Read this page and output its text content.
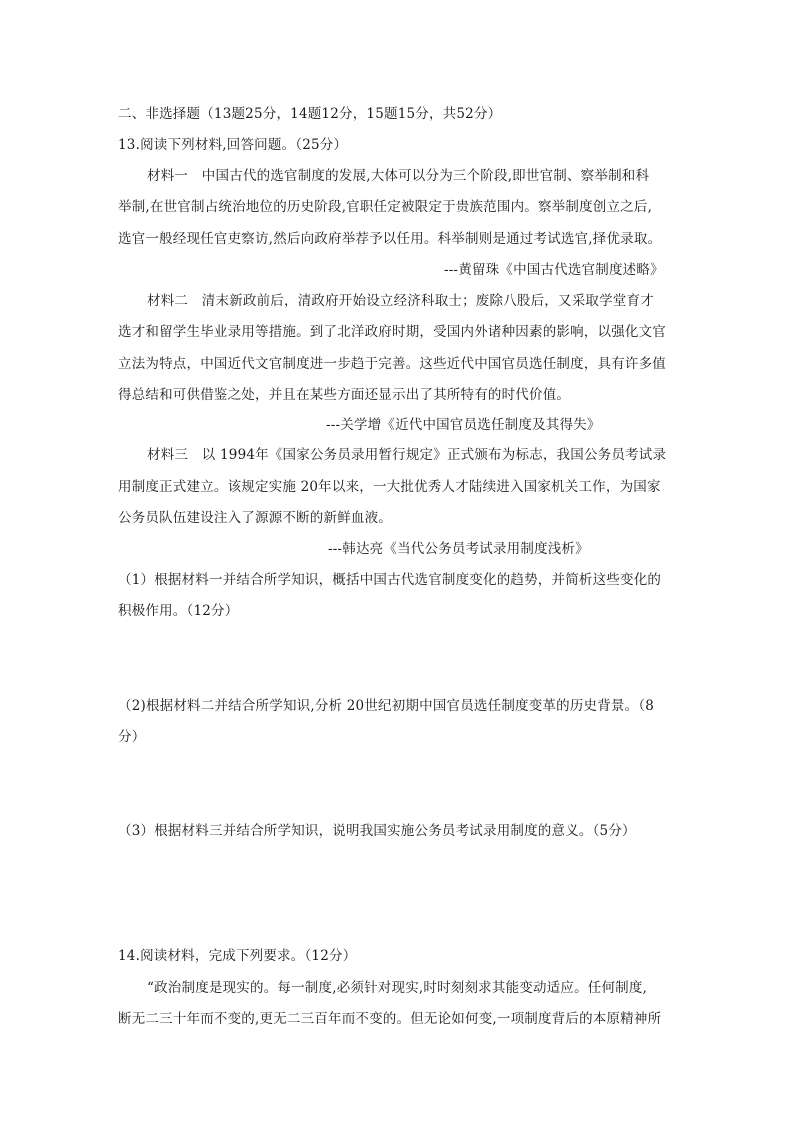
二、非选择题（13题25分，14题12分，15题15分，共52分）
13.阅读下列材料,回答问题。（25分）
材料一　中国古代的选官制度的发展,大体可以分为三个阶段,即世官制、察举制和科
举制,在世官制占统治地位的历史阶段,官职任定被限定于贵族范围内。察举制度创立之后,
选官一般经现任官吏察访,然后向政府举荐予以任用。科举制则是通过考试选官,择优录取。
---黄留珠《中国古代选官制度述略》
材料二　清末新政前后，清政府开始设立经济科取士；废除八股后，又采取学堂育才
选才和留学生毕业录用等措施。到了北洋政府时期，受国内外诸种因素的影响，以强化文官
立法为特点，中国近代文官制度进一步趋于完善。这些近代中国官员选任制度，具有许多值
得总结和可供借鉴之处，并且在某些方面还显示出了其所特有的时代价值。
---关学增《近代中国官员选任制度及其得失》
材料三　以 1994年《国家公务员录用暂行规定》正式颁布为标志，我国公务员考试录
用制度正式建立。该规定实施 20年以来，一大批优秀人才陆续进入国家机关工作，为国家
公务员队伍建设注入了源源不断的新鲜血液。
---韩达亮《当代公务员考试录用制度浅析》
（1）根据材料一并结合所学知识，概括中国古代选官制度变化的趋势，并简析这些变化的
积极作用。（12分）
（2)根据材料二并结合所学知识,分析 20世纪初期中国官员选任制度变革的历史背景。（8
分）
（3）根据材料三并结合所学知识，说明我国实施公务员考试录用制度的意义。（5分）
14.阅读材料，完成下列要求。（12分）
“政治制度是现实的。每一制度,必须针对现实,时时刻刻求其能变动适应。任何制度,
断无二三十年而不变的,更无二三百年而不变的。但无论如何变,一项制度背后的本原精神所
